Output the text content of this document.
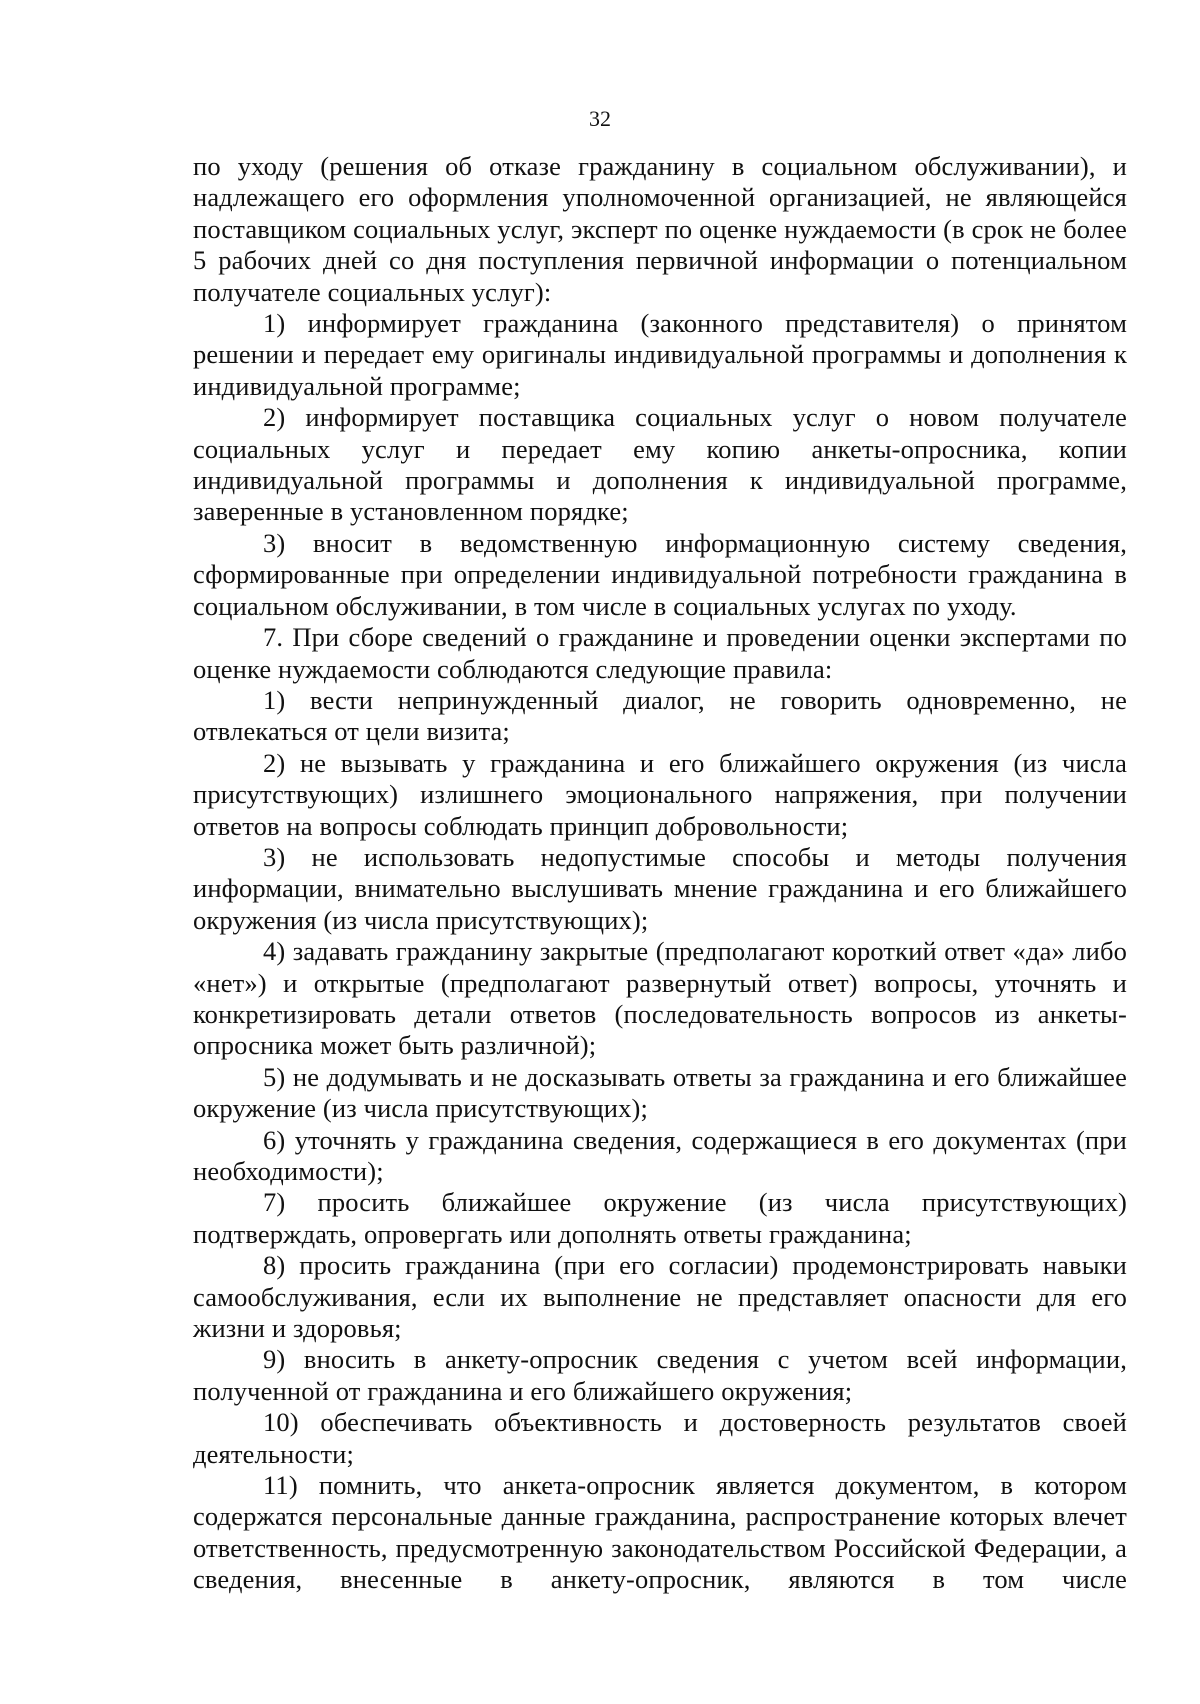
32

по уходу (решения об отказе гражданину в социальном обслуживании), и надлежащего его оформления уполномоченной организацией, не являющейся поставщиком социальных услуг, эксперт по оценке нуждаемости (в срок не более 5 рабочих дней со дня поступления первичной информации о потенциальном получателе социальных услуг):

1) информирует гражданина (законного представителя) о принятом решении и передает ему оригиналы индивидуальной программы и дополнения к индивидуальной программе;

2) информирует поставщика социальных услуг о новом получателе социальных услуг и передает ему копию анкеты-опросника, копии индивидуальной программы и дополнения к индивидуальной программе, заверенные в установленном порядке;

3) вносит в ведомственную информационную систему сведения, сформированные при определении индивидуальной потребности гражданина в социальном обслуживании, в том числе в социальных услугах по уходу.

7. При сборе сведений о гражданине и проведении оценки экспертами по оценке нуждаемости соблюдаются следующие правила:

1) вести непринужденный диалог, не говорить одновременно, не отвлекаться от цели визита;

2) не вызывать у гражданина и его ближайшего окружения (из числа присутствующих) излишнего эмоционального напряжения, при получении ответов на вопросы соблюдать принцип добровольности;

3) не использовать недопустимые способы и методы получения информации, внимательно выслушивать мнение гражданина и его ближайшего окружения (из числа присутствующих);

4) задавать гражданину закрытые (предполагают короткий ответ «да» либо «нет») и открытые (предполагают развернутый ответ) вопросы, уточнять и конкретизировать детали ответов (последовательность вопросов из анкеты-опросника может быть различной);

5) не додумывать и не досказывать ответы за гражданина и его ближайшее окружение (из числа присутствующих);

6) уточнять у гражданина сведения, содержащиеся в его документах (при необходимости);

7) просить ближайшее окружение (из числа присутствующих) подтверждать, опровергать или дополнять ответы гражданина;

8) просить гражданина (при его согласии) продемонстрировать навыки самообслуживания, если их выполнение не представляет опасности для его жизни и здоровья;

9) вносить в анкету-опросник сведения с учетом всей информации, полученной от гражданина и его ближайшего окружения;

10) обеспечивать объективность и достоверность результатов своей деятельности;

11) помнить, что анкета-опросник является документом, в котором содержатся персональные данные гражданина, распространение которых влечет ответственность, предусмотренную законодательством Российской Федерации, а сведения, внесенные в анкету-опросник, являются в том числе
